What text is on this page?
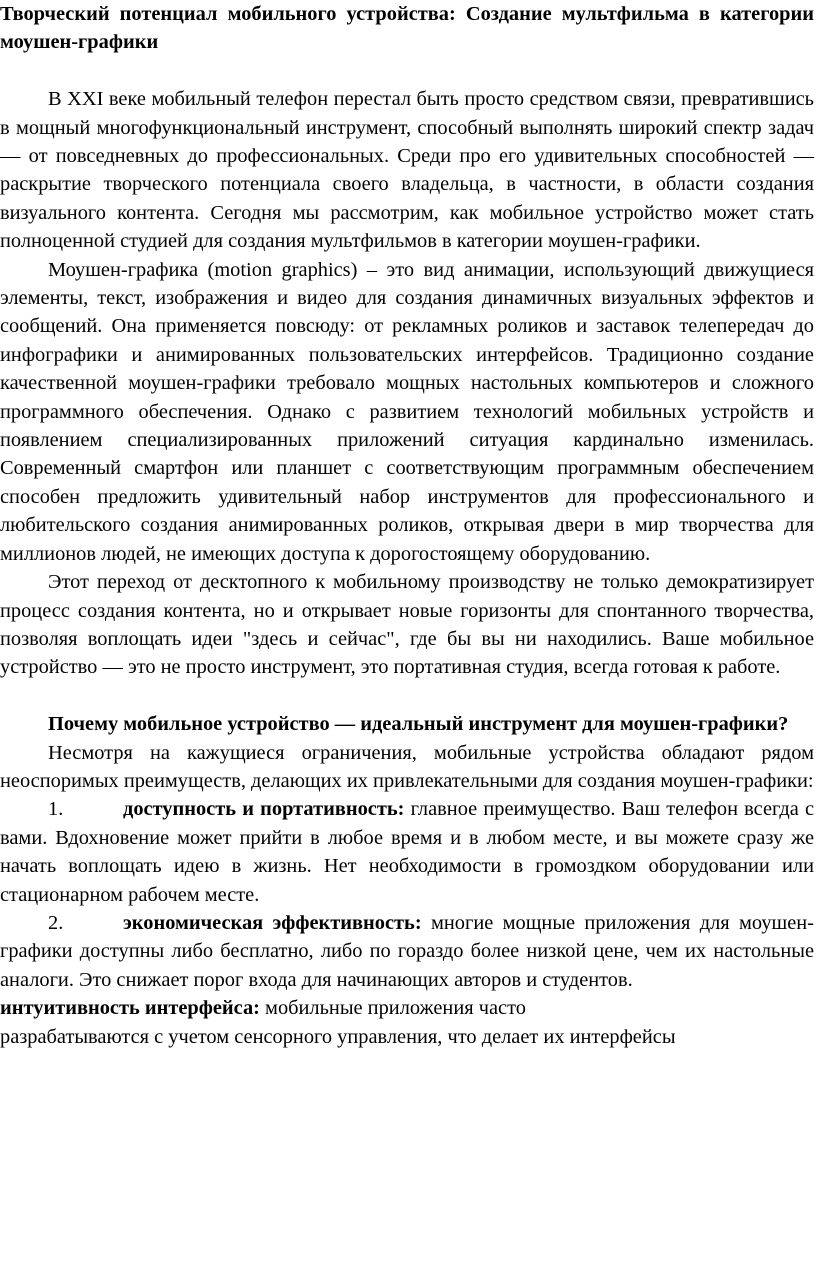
Творческий потенциал мобильного устройства: Создание мультфильма в категории моушен-графики

В XXI веке мобильный телефон перестал быть просто средством связи, превратившись в мощный многофункциональный инструмент, способный выполнять широкий спектр задач — от повседневных до профессиональных. Среди про его удивительных способностей — раскрытие творческого потенциала своего владельца, в частности, в области создания визуального контента. Сегодня мы рассмотрим, как мобильное устройство может стать полноценной студией для создания мультфильмов в категории моушен-графики.

Моушен-графика (motion graphics) – это вид анимации, использующий движущиеся элементы, текст, изображения и видео для создания динамичных визуальных эффектов и сообщений. Она применяется повсюду: от рекламных роликов и заставок телепередач до инфографики и анимированных пользовательских интерфейсов. Традиционно создание качественной моушен-графики требовало мощных настольных компьютеров и сложного программного обеспечения. Однако с развитием технологий мобильных устройств и появлением специализированных приложений ситуация кардинально изменилась. Современный смартфон или планшет с соответствующим программным обеспечением способен предложить удивительный набор инструментов для профессионального и любительского создания анимированных роликов, открывая двери в мир творчества для миллионов людей, не имеющих доступа к дорогостоящему оборудованию.

Этот переход от десктопного к мобильному производству не только демократизирует процесс создания контента, но и открывает новые горизонты для спонтанного творчества, позволяя воплощать идеи "здесь и сейчас", где бы вы ни находились. Ваше мобильное устройство — это не просто инструмент, это портативная студия, всегда готовая к работе.

Почему мобильное устройство — идеальный инструмент для моушен-графики?

Несмотря на кажущиеся ограничения, мобильные устройства обладают рядом неоспоримых преимуществ, делающих их привлекательными для создания моушен-графики:

1.	доступность и портативность: главное преимущество. Ваш телефон всегда с вами. Вдохновение может прийти в любое время и в любом месте, и вы можете сразу же начать воплощать идею в жизнь. Нет необходимости в громоздком оборудовании или стационарном рабочем месте.

2.	экономическая эффективность: многие мощные приложения для моушен-графики доступны либо бесплатно, либо по гораздо более низкой цене, чем их настольные аналоги. Это снижает порог входа для начинающих авторов и студентов.

интуитивность интерфейса: мобильные приложения часто

разрабатываются с учетом сенсорного управления, что делает их интерфейсы
